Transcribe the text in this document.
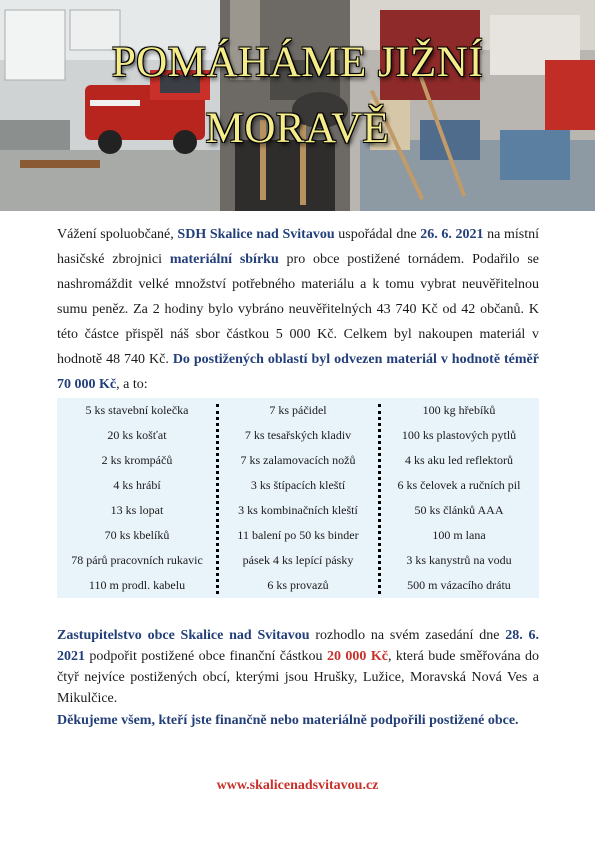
POMÁHÁME JIŽNÍ
MORAVĚ

Vážení spoluobčané, SDH Skalice nad Svitavou uspořádal dne 26. 6. 2021 na místní hasičské zbrojnici materiální sbírku pro obce postižené tornádem. Podařilo se nashromáždit velké množství potřebného materiálu a k tomu vybrat neuvěřitelnou sumu peněz. Za 2 hodiny bylo vybráno neuvěřitelných 43 740 Kč od 42 občanů. K této částce přispěl náš sbor částkou 5 000 Kč. Celkem byl nakoupen materiál v hodnotě 48 740 Kč. Do postižených oblastí byl odvezen materiál v hodnotě téměř 70 000 Kč, a to:

5 ks stavební kolečka
20 ks košťat
2 ks krompáčů
4 ks hrábí
13 ks lopat
70 ks kbelíků
78 párů pracovních rukavic
110 m prodl. kabelu
7 ks páčidel
7 ks tesařských kladiv
7 ks zalamovacích nožů
3 ks štípacích kleští
3 ks kombinačních kleští
11 balení po 50 ks binder
pásek 4 ks lepící pásky
6 ks provazů
100 kg hřebíků
100 ks plastových pytlů
4 ks aku led reflektorů
6 ks čelovek a ručních pil
50 ks článků AAA
100 m lana
3 ks kanystrů na vodu
500 m vázacího drátu

Zastupitelstvo obce Skalice nad Svitavou rozhodlo na svém zasedání dne 28. 6. 2021 podpořit postižené obce finanční částkou 20 000 Kč, která bude směřována do čtyř nejvíce postižených obcí, kterými jsou Hrušky, Lužice, Moravská Nová Ves a Mikulčice.

Děkujeme všem, kteří jste finančně nebo materiálně podpořili postižené obce.

www.skalicenadsvitavou.cz
